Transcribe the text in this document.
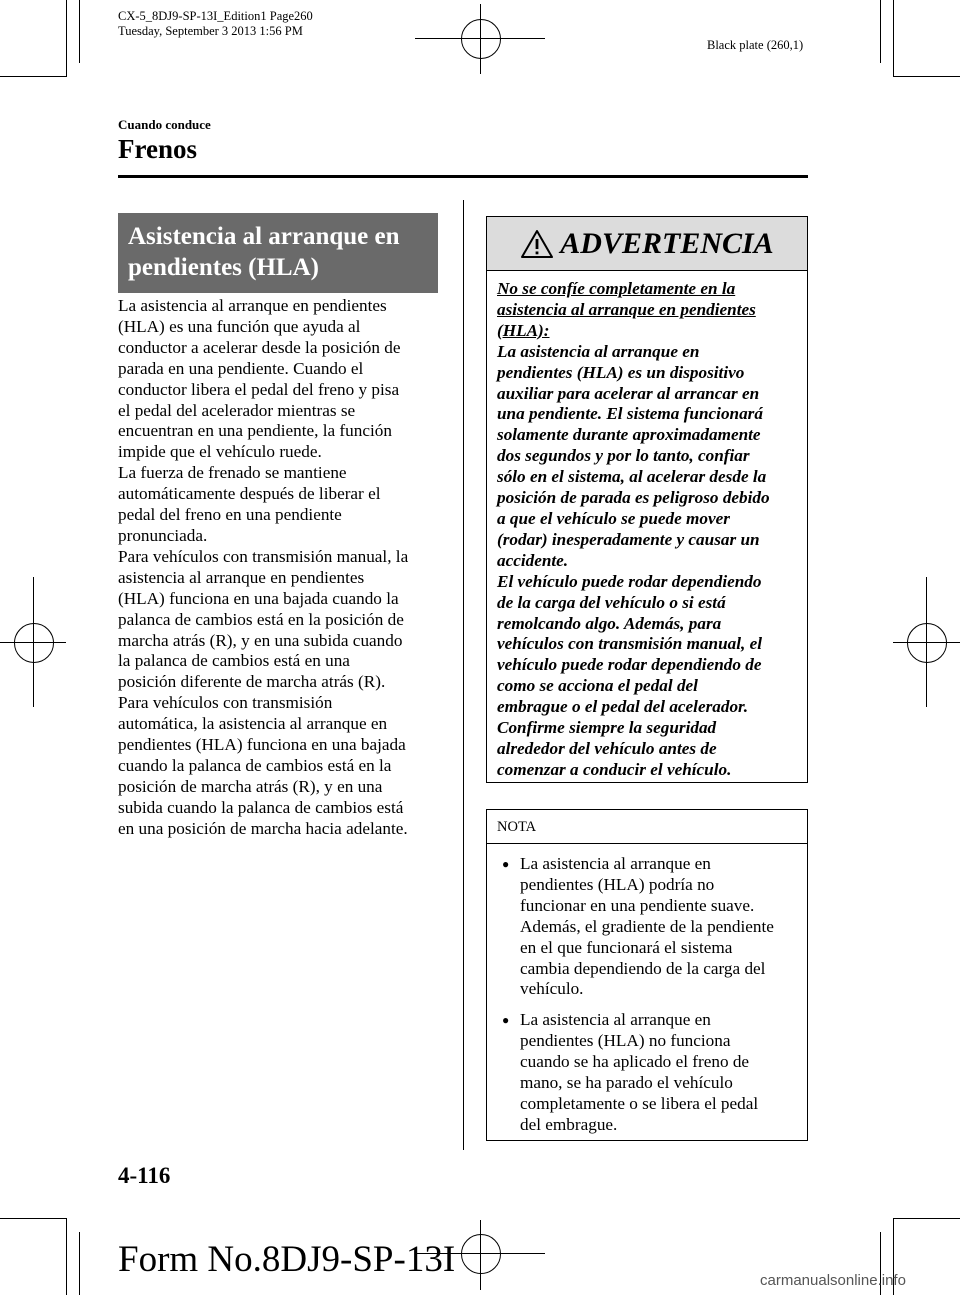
CX-5_8DJ9-SP-13I_Edition1 Page260
Tuesday, September 3 2013 1:56 PM
Black plate (260,1)
Cuando conduce
Frenos
Asistencia al arranque en
pendientes (HLA)
La asistencia al arranque en pendientes
(HLA) es una función que ayuda al
conductor a acelerar desde la posición de
parada en una pendiente. Cuando el
conductor libera el pedal del freno y pisa
el pedal del acelerador mientras se
encuentran en una pendiente, la función
impide que el vehículo ruede.
La fuerza de frenado se mantiene
automáticamente después de liberar el
pedal del freno en una pendiente
pronunciada.
Para vehículos con transmisión manual, la
asistencia al arranque en pendientes
(HLA) funciona en una bajada cuando la
palanca de cambios está en la posición de
marcha atrás (R), y en una subida cuando
la palanca de cambios está en una
posición diferente de marcha atrás (R).
Para vehículos con transmisión
automática, la asistencia al arranque en
pendientes (HLA) funciona en una bajada
cuando la palanca de cambios está en la
posición de marcha atrás (R), y en una
subida cuando la palanca de cambios está
en una posición de marcha hacia adelante.
ADVERTENCIA
No se confíe completamente en la
asistencia al arranque en pendientes
(HLA):
La asistencia al arranque en
pendientes (HLA) es un dispositivo
auxiliar para acelerar al arrancar en
una pendiente. El sistema funcionará
solamente durante aproximadamente
dos segundos y por lo tanto, confiar
sólo en el sistema, al acelerar desde la
posición de parada es peligroso debido
a que el vehículo se puede mover
(rodar) inesperadamente y causar un
accidente.
El vehículo puede rodar dependiendo
de la carga del vehículo o si está
remolcando algo. Además, para
vehículos con transmisión manual, el
vehículo puede rodar dependiendo de
como se acciona el pedal del
embrague o el pedal del acelerador.
Confirme siempre la seguridad
alrededor del vehículo antes de
comenzar a conducir el vehículo.
NOTA
● La asistencia al arranque en
pendientes (HLA) podría no
funcionar en una pendiente suave.
Además, el gradiente de la pendiente
en el que funcionará el sistema
cambia dependiendo de la carga del
vehículo.
● La asistencia al arranque en
pendientes (HLA) no funciona
cuando se ha aplicado el freno de
mano, se ha parado el vehículo
completamente o se libera el pedal
del embrague.
4-116
Form No.8DJ9-SP-13I
carmanualsonline.info
